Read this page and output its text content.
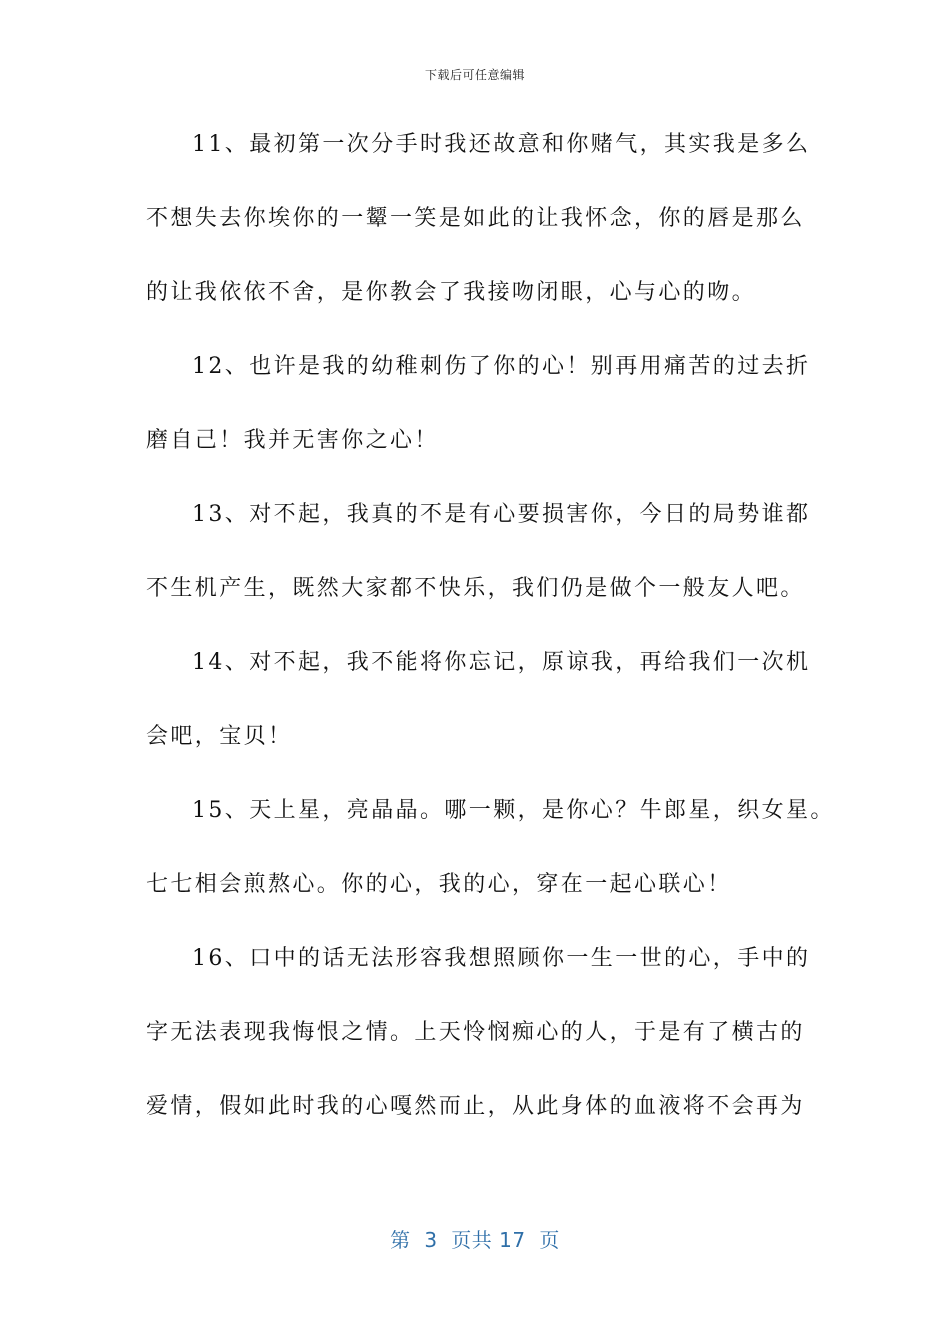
下载后可任意编辑
11、最初第一次分手时我还故意和你赌气，其实我是多么
不想失去你埃你的一颦一笑是如此的让我怀念，你的唇是那么
的让我依依不舍，是你教会了我接吻闭眼，心与心的吻。
12、也许是我的幼稚刺伤了你的心！别再用痛苦的过去折
磨自己！我并无害你之心！
13、对不起，我真的不是有心要损害你，今日的局势谁都
不生机产生，既然大家都不快乐，我们仍是做个一般友人吧。
14、对不起，我不能将你忘记，原谅我，再给我们一次机
会吧，宝贝！
15、天上星，亮晶晶。哪一颗，是你心？牛郎星，织女星。
七七相会煎熬心。你的心，我的心，穿在一起心联心！
16、口中的话无法形容我想照顾你一生一世的心，手中的
字无法表现我悔恨之情。上天怜悯痴心的人，于是有了横古的
爱情，假如此时我的心嘎然而止，从此身体的血液将不会再为
第  3  页共 17  页
